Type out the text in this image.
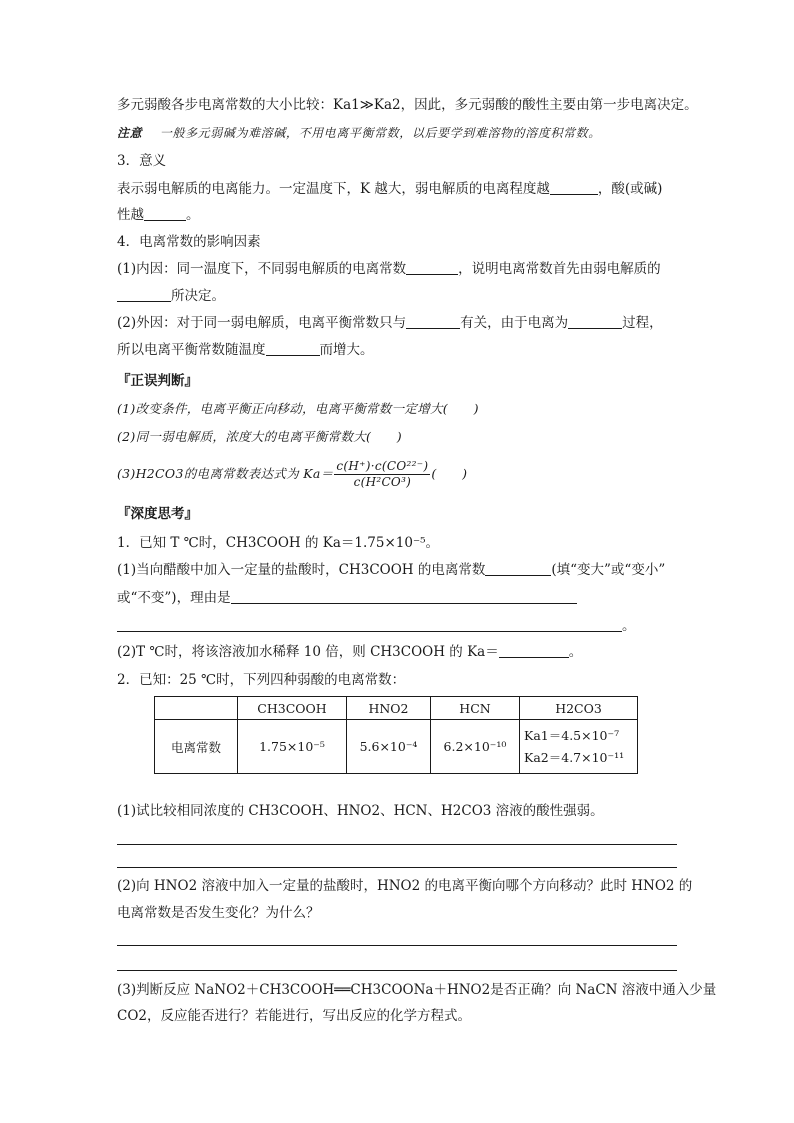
多元弱酸各步电离常数的大小比较：Ka1≫Ka2，因此，多元弱酸的酸性主要由第一步电离决定。
注意 一般多元弱碱为难溶碱，不用电离平衡常数，以后要学到难溶物的溶度积常数。
3．意义
表示弱电解质的电离能力。一定温度下，K 越大，弱电解质的电离程度越	，酸(或碱)
性越	。
4．电离常数的影响因素
(1)内因：同一温度下，不同弱电解质的电离常数	，说明电离常数首先由弱电解质的
所决定。
(2)外因：对于同一弱电解质，电离平衡常数只与	有关，由于电离为	过程，
所以电离平衡常数随温度	而增大。
『正误判断』
(1)改变条件，电离平衡正向移动，电离平衡常数一定增大(　　)
(2)同一弱电解质，浓度大的电离平衡常数大(　　)
(3)H2CO3的电离常数表达式为 $Ka= \frac{\text{c(H⁺)·c(CO²²⁻)}}{\text{c(H²CO³)}}$ (　　)
『深度思考』
1．已知 T ℃时，CH3COOH 的 Ka＝1.75×10⁻⁵。
(1)当向醋酸中加入一定量的盐酸时，CH3COOH 的电离常数	(填“变大”或“变小”
或“不变”)，理由是
。
(2)T ℃时，将该溶液加水稀释 10 倍，则 CH3COOH 的 Ka＝	。
2．已知：25 ℃时，下列四种弱酸的电离常数：
	CH3COOH	HNO2	HCN	H2CO3
电离常数	1.75×10⁻⁵	5.6×10⁻⁴	6.2×10⁻¹⁰	Ka1＝4.5×10⁻⁷
Ka2＝4.7×10⁻¹¹
(1)试比较相同浓度的 CH3COOH、HNO2、HCN、H2CO3 溶液的酸性强弱。
(2)向 HNO2 溶液中加入一定量的盐酸时，HNO2 的电离平衡向哪个方向移动？此时 HNO2 的
电离常数是否发生变化？为什么？
(3)判断反应 NaNO2＋CH3COOH══CH3COONa＋HNO2是否正确？向 NaCN 溶液中通入少量
CO2，反应能否进行？若能进行，写出反应的化学方程式。
